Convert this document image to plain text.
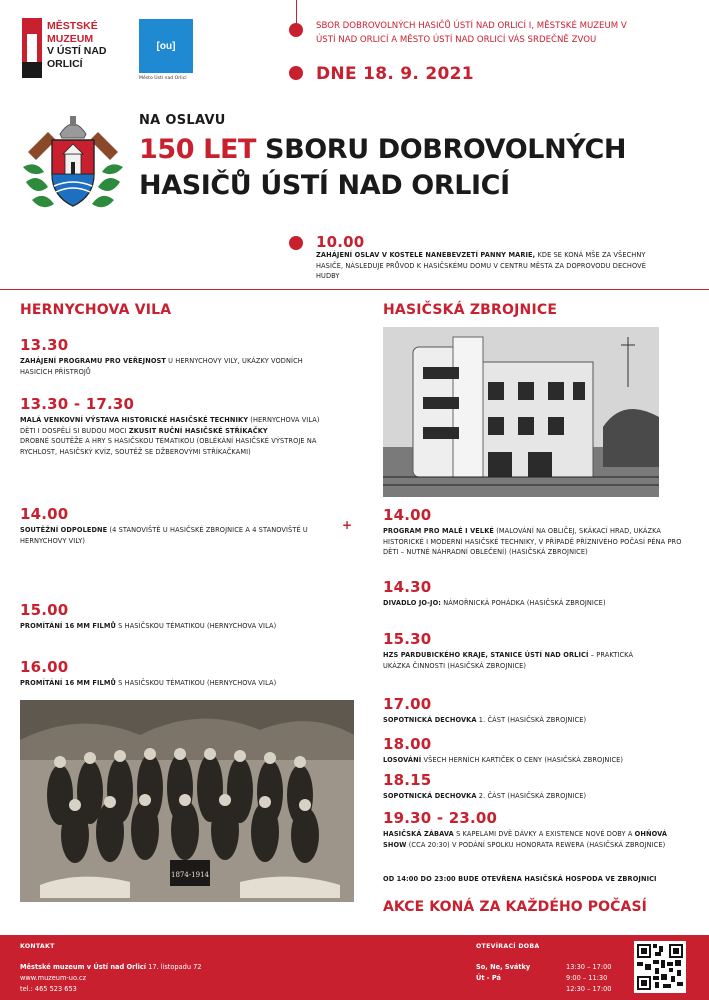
MĚSTSKÉ
MUZEUM
V ÚSTÍ NAD
ORLICÍ
[ou]
Město Ústí nad Orlicí
SBOR DOBROVOLNÝCH HASIČŮ ÚSTÍ NAD ORLICÍ I, MĚSTSKÉ MUZEUM V ÚSTÍ NAD ORLICÍ A MĚSTO ÚSTÍ NAD ORLICÍ VÁS SRDEČNĚ ZVOU
DNE 18. 9. 2021
NA OSLAVU
150 LET SBORU DOBROVOLNÝCH
HASIČŮ ÚSTÍ NAD ORLICÍ
10.00
ZAHÁJENÍ OSLAV V KOSTELE NANEBEVZETÍ PANNY MARIE, KDE SE KONÁ MŠE ZA VŠECHNY HASIČE, NÁSLEDUJE PRŮVOD K HASIČSKÉMU DOMU V CENTRU MĚSTA ZA DOPROVODU DECHOVÉ HUDBY
HERNYCHOVA VILA	HASIČSKÁ ZBROJNICE
13.30
ZAHÁJENÍ PROGRAMU PRO VEŘEJNOST U HERNYCHOVY VILY, UKÁZKY VODNÍCH HASICÍCH PŘÍSTROJŮ
13.30 - 17.30
MALÁ VENKOVNÍ VÝSTAVA HISTORICKÉ HASIČSKÉ TECHNIKY (HERNYCHOVA VILA)
DĚTI I DOSPĚLÍ SI BUDOU MOCI ZKUSIT RUČNÍ HASIČSKÉ STŘÍKAČKY
DROBNÉ SOUTĚŽE A HRY S HASIČSKOU TÉMATIKOU (OBLÉKÁNÍ HASIČSKÉ VÝSTROJE NA RYCHLOST, HASIČSKÝ KVÍZ, SOUTĚŽ SE DŽBEROVÝMI STŘÍKAČKAMI)
14.00
SOUTĚŽNÍ ODPOLEDNE (4 STANOVIŠTĚ U HASIČSKÉ ZBROJNICE A 4 STANOVIŠTĚ U HERNYCHOVY VILY)
+
15.00
PROMÍTÁNÍ 16 MM FILMŮ S HASIČSKOU TÉMATIKOU (HERNYCHOVA VILA)
16.00
PROMÍTÁNÍ 16 MM FILMŮ S HASIČSKOU TÉMATIKOU (HERNYCHOVA VILA)
1874-1914
14.00
PROGRAM PRO MALÉ I VELKÉ (MALOVÁNÍ NA OBLIČEJ, SKÁKACÍ HRAD, UKÁZKA HISTORICKÉ I MODERNÍ HASIČSKÉ TECHNIKY, V PŘÍPADĚ PŘÍZNIVÉHO POČASÍ PĚNA PRO DĚTI – NUTNÉ NÁHRADNÍ OBLEČENÍ) (HASIČSKÁ ZBROJNICE)
14.30
DIVADLO JO-JO: NÁMOŘNICKÁ POHÁDKA (HASIČSKÁ ZBROJNICE)
15.30
HZS PARDUBICKÉHO KRAJE, STANICE ÚSTÍ NAD ORLICÍ – PRAKTICKÁ UKÁZKA ČINNOSTI (HASIČSKÁ ZBROJNICE)
17.00
SOPOTNICKÁ DECHOVKA 1. ČÁST (HASIČSKÁ ZBROJNICE)
18.00
LOSOVÁNÍ VŠECH HERNÍCH KARTIČEK O CENY (HASIČSKÁ ZBROJNICE)
18.15
SOPOTNICKÁ DECHOVKA 2. ČÁST (HASIČSKÁ ZBROJNICE)
19.30 - 23.00
HASIČSKÁ ZÁBAVA S KAPELAMI DVĚ DÁVKY A EXISTENCE NOVÉ DOBY A OHŇOVÁ SHOW (CCA 20:30) V PODÁNÍ SPOLKU HONORATA REWERA (HASIČSKÁ ZBROJNICE)
OD 14:00 DO 23:00 BUDE OTEVŘENA HASIČSKÁ HOSPODA VE ZBROJNICI
AKCE KONÁ ZA KAŽDÉHO POČASÍ
KONTAKT
Městské muzeum v Ústí nad Orlicí 17. listopadu 72
www.muzeum-uo.cz
tel.: 465 523 653
OTEVÍRACÍ DOBA
So, Ne, Svátky
Út - Pá
13:30 – 17:00
9:00 – 11:30
12:30 – 17:00
